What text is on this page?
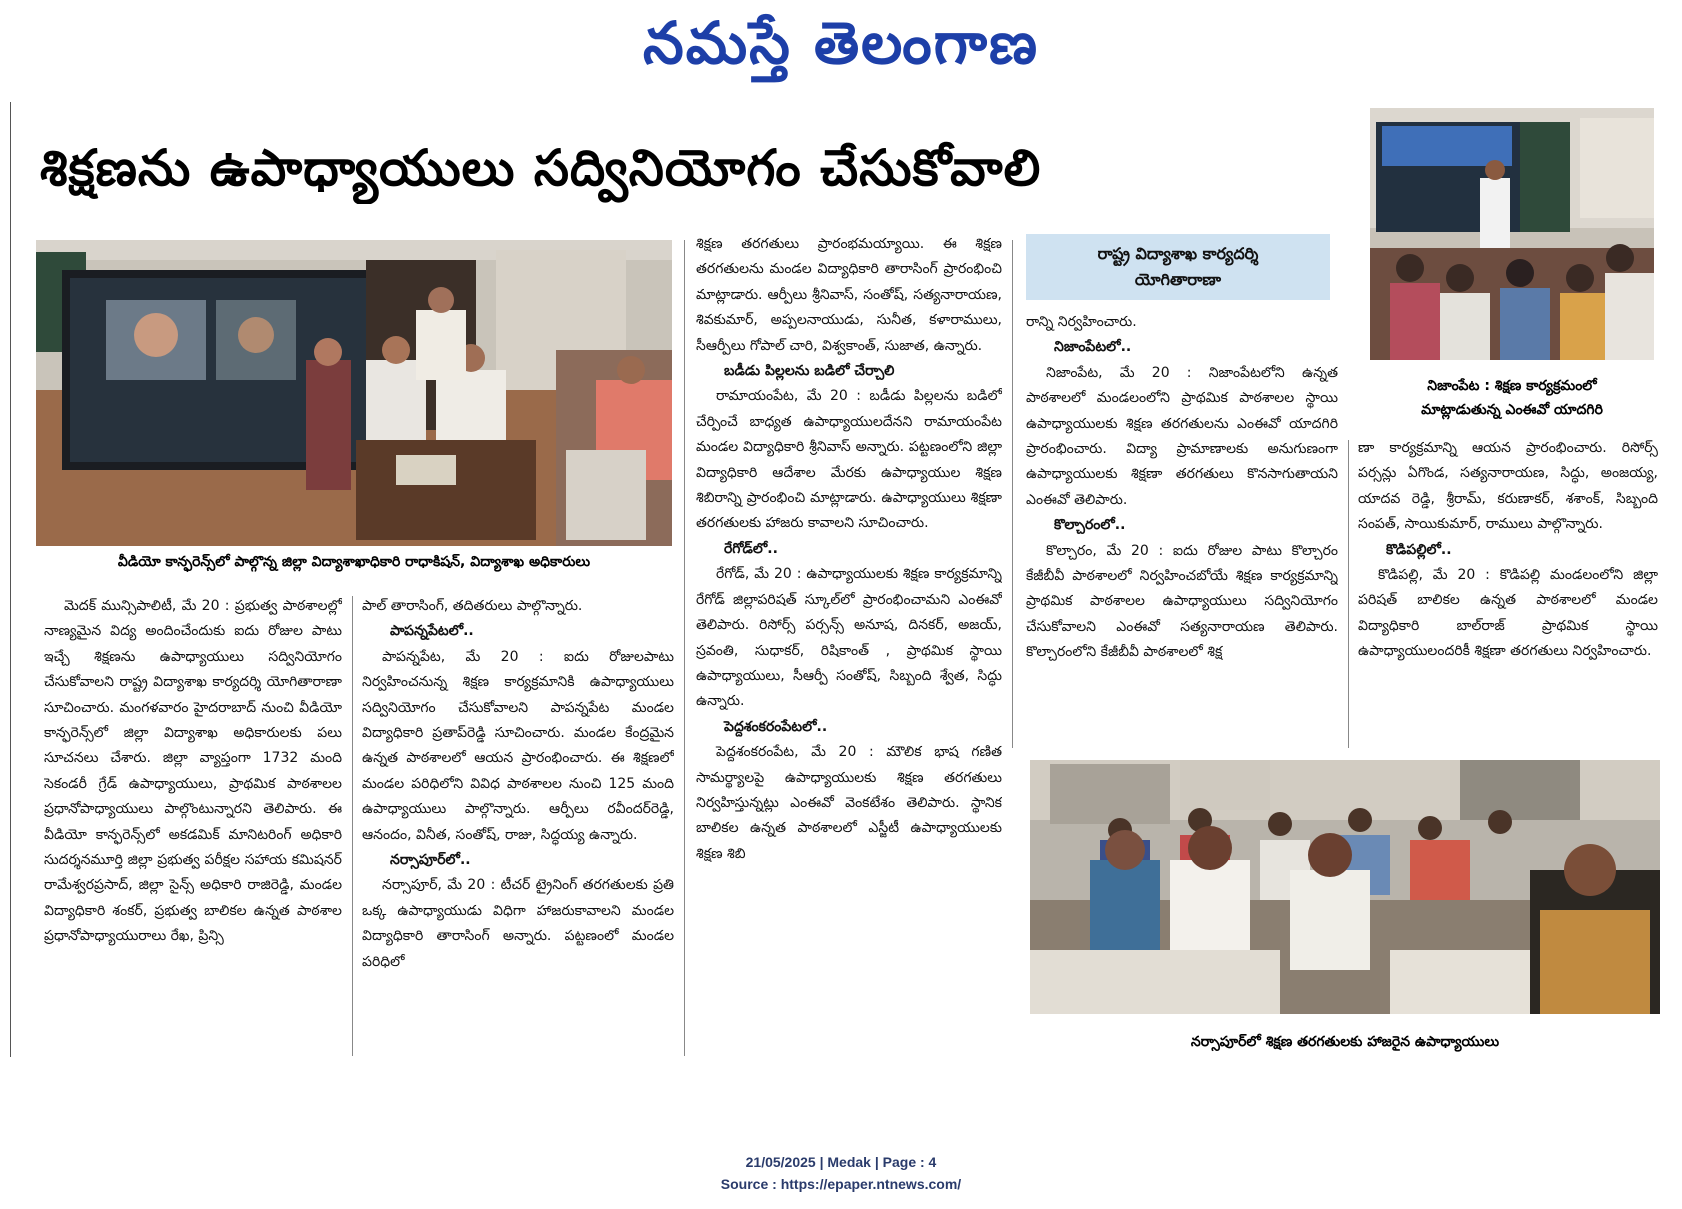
నమస్తే తెలంగాణ
శిక్షణను ఉపాధ్యాయులు సద్వినియోగం చేసుకోవాలి
వీడియో కాన్ఫరెన్స్‌లో పాల్గొన్న జిల్లా విద్యాశాఖాధికారి రాధాకిషన్, విద్యాశాఖ అధికారులు
నిజాంపేట : శిక్షణ కార్యక్రమంలో
మాట్లాడుతున్న ఎంఈవో యాదగిరి
నర్సాపూర్‌లో శిక్షణ తరగతులకు హాజరైన ఉపాధ్యాయులు
రాష్ట్ర విద్యాశాఖ కార్యదర్శి
యోగితారాణా

మెదక్ మున్సిపాలిటీ, మే 20 : ప్రభుత్వ పాఠశాలల్లో నాణ్యమైన విద్య అందించేందుకు ఐదు రోజుల పాటు ఇచ్చే శిక్షణను ఉపాధ్యాయులు సద్వినియోగం చేసుకోవాలని రాష్ట్ర విద్యాశాఖ కార్యదర్శి యోగితారాణా సూచించారు. మంగళవారం హైదరాబాద్ నుంచి వీడియో కాన్ఫరెన్స్‌లో జిల్లా విద్యాశాఖ అధికారులకు పలు సూచనలు చేశారు. జిల్లా వ్యాప్తంగా 1732 మంది సెకండరీ గ్రేడ్ ఉపాధ్యాయులు, ప్రాథమిక పాఠశాలల ప్రధానోపాధ్యాయులు పాల్గొంటున్నారని తెలిపారు. ఈ వీడియో కాన్ఫరెన్స్‌లో అకడమిక్ మానిటరింగ్ అధికారి సుదర్శనమూర్తి జిల్లా ప్రభుత్వ పరీక్షల సహాయ కమిషనర్ రామేశ్వరప్రసాద్, జిల్లా సైన్స్ అధికారి రాజిరెడ్డి, మండల విద్యాధికారి శంకర్, ప్రభుత్వ బాలికల ఉన్నత పాఠశాల ప్రధానోపాధ్యాయురాలు రేఖ, ప్రిన్సి

పాల్ తారాసింగ్, తదితరులు పాల్గొన్నారు.

పాపన్నపేటలో..

పాపన్నపేట, మే 20 : ఐదు రోజులపాటు నిర్వహించనున్న శిక్షణ కార్యక్రమానికి ఉపాధ్యాయులు సద్వినియోగం చేసుకోవాలని పాపన్నపేట మండల విద్యాధికారి ప్రతాప్‌రెడ్డి సూచించారు. మండల కేంద్రమైన ఉన్నత పాఠశాలలో ఆయన ప్రారంభించారు. ఈ శిక్షణలో మండల పరిధిలోని వివిధ పాఠశాలల నుంచి 125 మంది ఉపాధ్యాయులు పాల్గొన్నారు. ఆర్పీలు రవీందర్‌రెడ్డి, ఆనందం, వినీత, సంతోష్, రాజు, సిద్ధయ్య ఉన్నారు.

నర్సాపూర్‌లో..

నర్సాపూర్, మే 20 : టీచర్ ట్రైనింగ్ తరగతులకు ప్రతి ఒక్క ఉపాధ్యాయుడు విధిగా హాజరుకావాలని మండల విద్యాధికారి తారాసింగ్ అన్నారు. పట్టణంలో మండల పరిధిలో

శిక్షణ తరగతులు ప్రారంభమయ్యాయి. ఈ శిక్షణ తరగతులను మండల విద్యాధికారి తారాసింగ్ ప్రారంభించి మాట్లాడారు. ఆర్పీలు శ్రీనివాస్, సంతోష్, సత్యనారాయణ, శివకుమార్, అప్పలనాయుడు, సునీత, కళారాములు, సీఆర్పీలు గోపాల్ చారి, విశ్వకాంత్, సుజాత, ఉన్నారు.

బడీడు పిల్లలను బడిలో చేర్చాలి

రామాయంపేట, మే 20 : బడీడు పిల్లలను బడిలో చేర్పించే బాధ్యత ఉపాధ్యాయులదేనని రామాయంపేట మండల విద్యాధికారి శ్రీనివాస్ అన్నారు. పట్టణంలోని జిల్లా విద్యాధికారి ఆదేశాల మేరకు ఉపాధ్యాయుల శిక్షణ శిబిరాన్ని ప్రారంభించి మాట్లాడారు. ఉపాధ్యాయులు శిక్షణా తరగతులకు హాజరు కావాలని సూచించారు.

రేగోడ్‌లో..

రేగోడ్, మే 20 : ఉపాధ్యాయులకు శిక్షణ కార్యక్రమాన్ని రేగోడ్ జిల్లాపరిషత్ స్కూల్‌లో ప్రారంభించామని ఎంఈవో తెలిపారు. రిసోర్స్ పర్సన్స్ అనూష, దినకర్, అజయ్, స్రవంతి, సుధాకర్, రిషికాంత్ , ప్రాథమిక స్థాయి ఉపాధ్యాయులు, సీఆర్పీ సంతోష్, సిబ్బంది శ్వేత, సిద్ధు ఉన్నారు.

పెద్దశంకరంపేటలో..

పెద్దశంకరంపేట, మే 20 : మౌలిక భాష గణిత సామర్థ్యాలపై ఉపాధ్యాయులకు శిక్షణ తరగతులు నిర్వహిస్తున్నట్లు ఎంఈవో వెంకటేశం తెలిపారు. స్థానిక బాలికల ఉన్నత పాఠశాలలో ఎస్జీటీ ఉపాధ్యాయులకు శిక్షణ శిబి

రాన్ని నిర్వహించారు.

నిజాంపేటలో..

నిజాంపేట, మే 20 : నిజాంపేటలోని ఉన్నత పాఠశాలలో మండలంలోని ప్రాథమిక పాఠశాలల స్థాయి ఉపాధ్యాయులకు శిక్షణ తరగతులను ఎంఈవో యాదగిరి ప్రారంభించారు. విద్యా ప్రామాణాలకు అనుగుణంగా ఉపాధ్యాయులకు శిక్షణా తరగతులు కొనసాగుతాయని ఎంఈవో తెలిపారు.

కొల్చారంలో..

కొల్చారం, మే 20 : ఐదు రోజుల పాటు కొల్చారం కేజీబీవీ పాఠశాలలో నిర్వహించబోయే శిక్షణ కార్యక్రమాన్ని ప్రాథమిక పాఠశాలల ఉపాధ్యాయులు సద్వినియోగం చేసుకోవాలని ఎంఈవో సత్యనారాయణ తెలిపారు. కొల్చారంలోని కేజీబీవీ పాఠశాలలో శిక్ష

ణా కార్యక్రమాన్ని ఆయన ప్రారంభించారు. రిసోర్స్ పర్సన్లు ఏగొండ, సత్యనారాయణ, సిద్ధు, అంజయ్య, యాదవ రెడ్డి, శ్రీరామ్, కరుణాకర్, శశాంక్, సిబ్బంది సంపత్, సాయికుమార్, రాములు పాల్గొన్నారు.

కొడిపల్లిలో..

కొడిపల్లి, మే 20 : కొడిపల్లి మండలంలోని జిల్లా పరిషత్ బాలికల ఉన్నత పాఠశాలలో మండల విద్యాధికారి బాల్‌రాజ్ ప్రాథమిక స్థాయి ఉపాధ్యాయులందరికీ శిక్షణా తరగతులు నిర్వహించారు.

21/05/2025 | Medak | Page : 4
Source : https://epaper.ntnews.com/
